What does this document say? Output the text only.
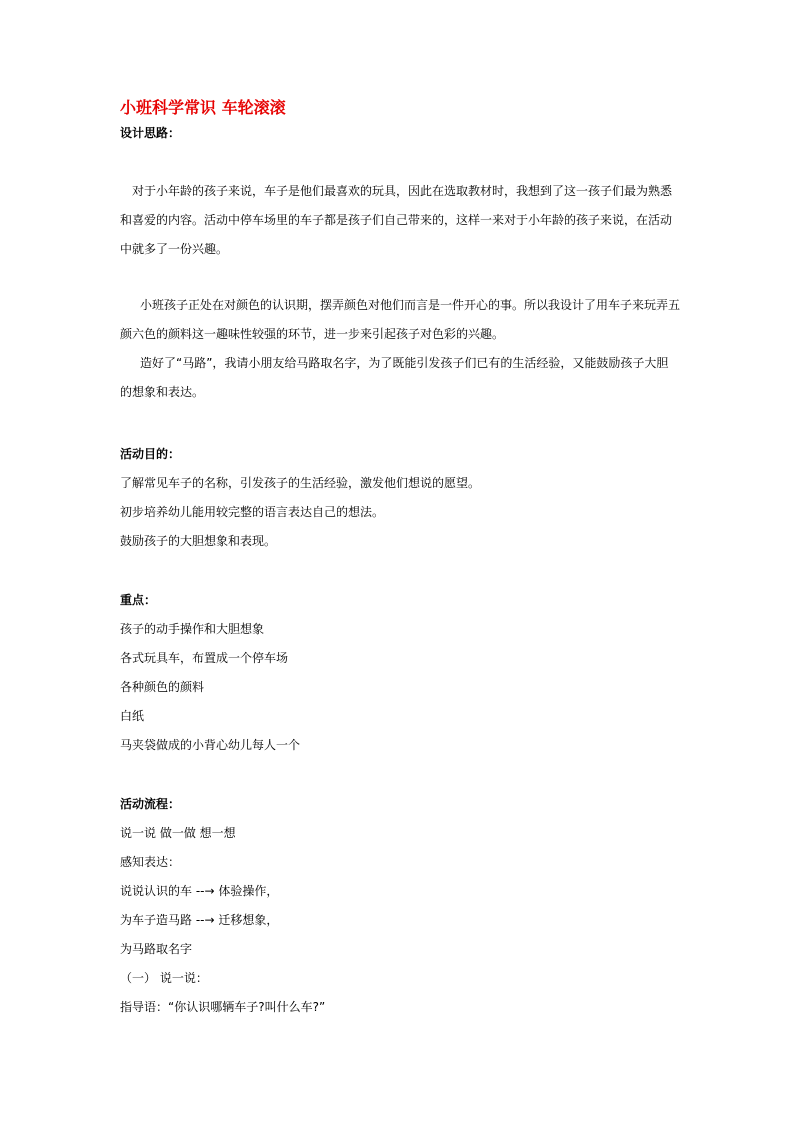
小班科学常识 车轮滚滚
设计思路：

对于小年龄的孩子来说，车子是他们最喜欢的玩具，因此在选取教材时，我想到了这一孩子们最为熟悉和喜爱的内容。活动中停车场里的车子都是孩子们自己带来的，这样一来对于小年龄的孩子来说，在活动中就多了一份兴趣。

小班孩子正处在对颜色的认识期，摆弄颜色对他们而言是一件开心的事。所以我设计了用车子来玩弄五颜六色的颜料这一趣味性较强的环节，进一步来引起孩子对色彩的兴趣。

造好了“马路”，我请小朋友给马路取名字，为了既能引发孩子们已有的生活经验，又能鼓励孩子大胆的想象和表达。

活动目的：
了解常见车子的名称，引发孩子的生活经验，激发他们想说的愿望。
初步培养幼儿能用较完整的语言表达自己的想法。
鼓励孩子的大胆想象和表现。
重点：
孩子的动手操作和大胆想象
各式玩具车，布置成一个停车场
各种颜色的颜料
白纸
马夹袋做成的小背心幼儿每人一个
活动流程：
说一说 做一做 想一想
感知表达：
说说认识的车 --→ 体验操作，
为车子造马路 --→ 迁移想象，
为马路取名字
（一） 说一说：
指导语：“你认识哪辆车子?叫什么车?”
